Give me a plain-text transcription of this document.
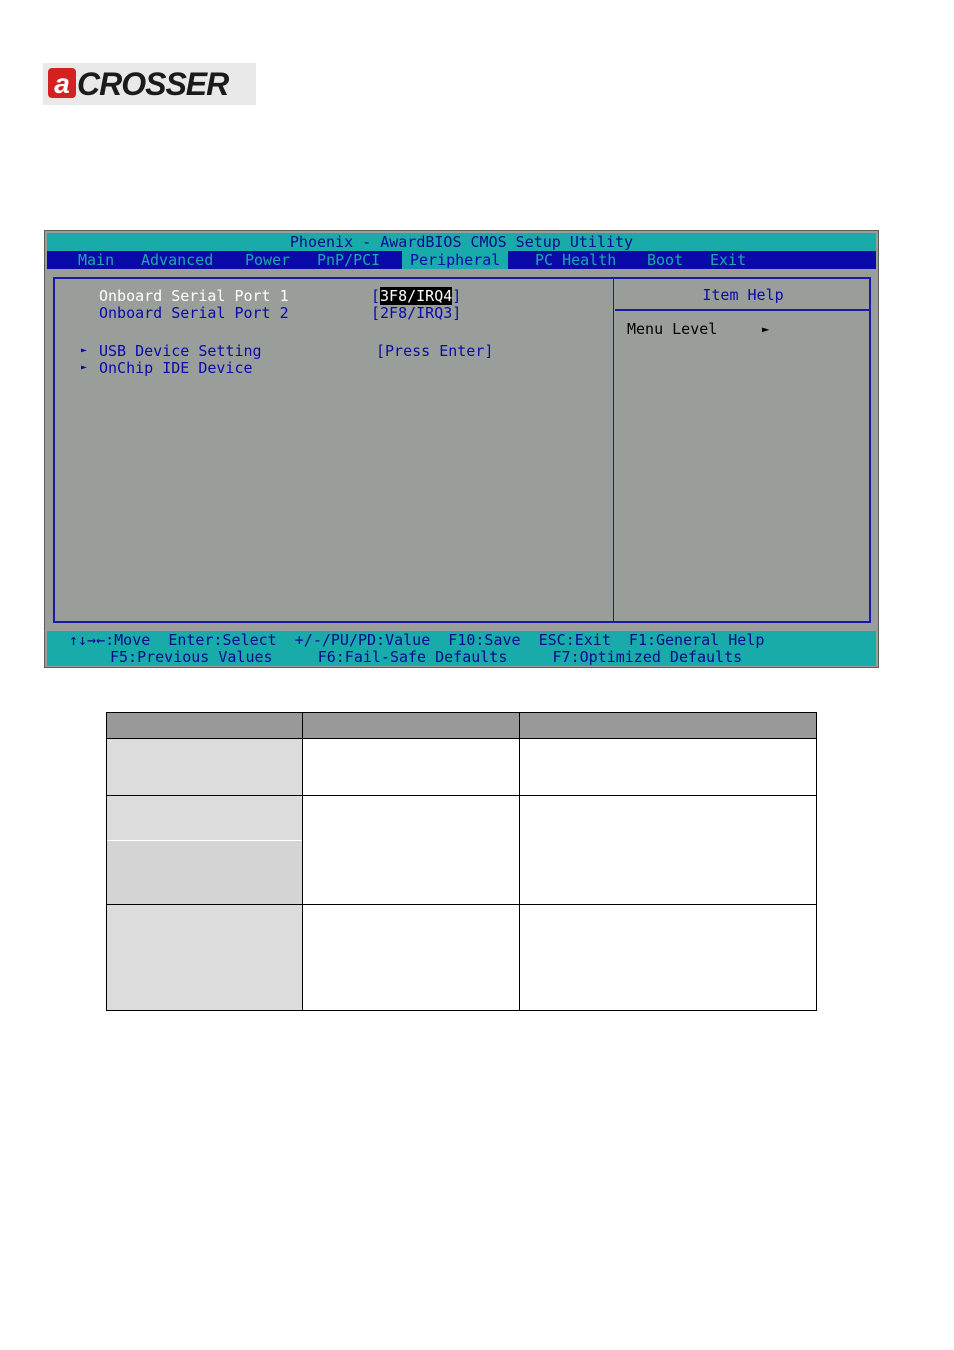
a CROSSER
Phoenix - AwardBIOS CMOS Setup Utility
Main Advanced Power PnP/PCI	Peripheral	PC Health Boot Exit
Onboard Serial Port 1	[3F8/IRQ4]
Onboard Serial Port 2	[2F8/IRQ3]
► USB Device Setting	[Press Enter]
► OnChip IDE Device
Item Help
Menu Level	►
↑↓→←:Move  Enter:Select  +/-/PU/PD:Value  F10:Save  ESC:Exit  F1:General Help
F5:Previous Values     F6:Fail-Safe Defaults     F7:Optimized Defaults
